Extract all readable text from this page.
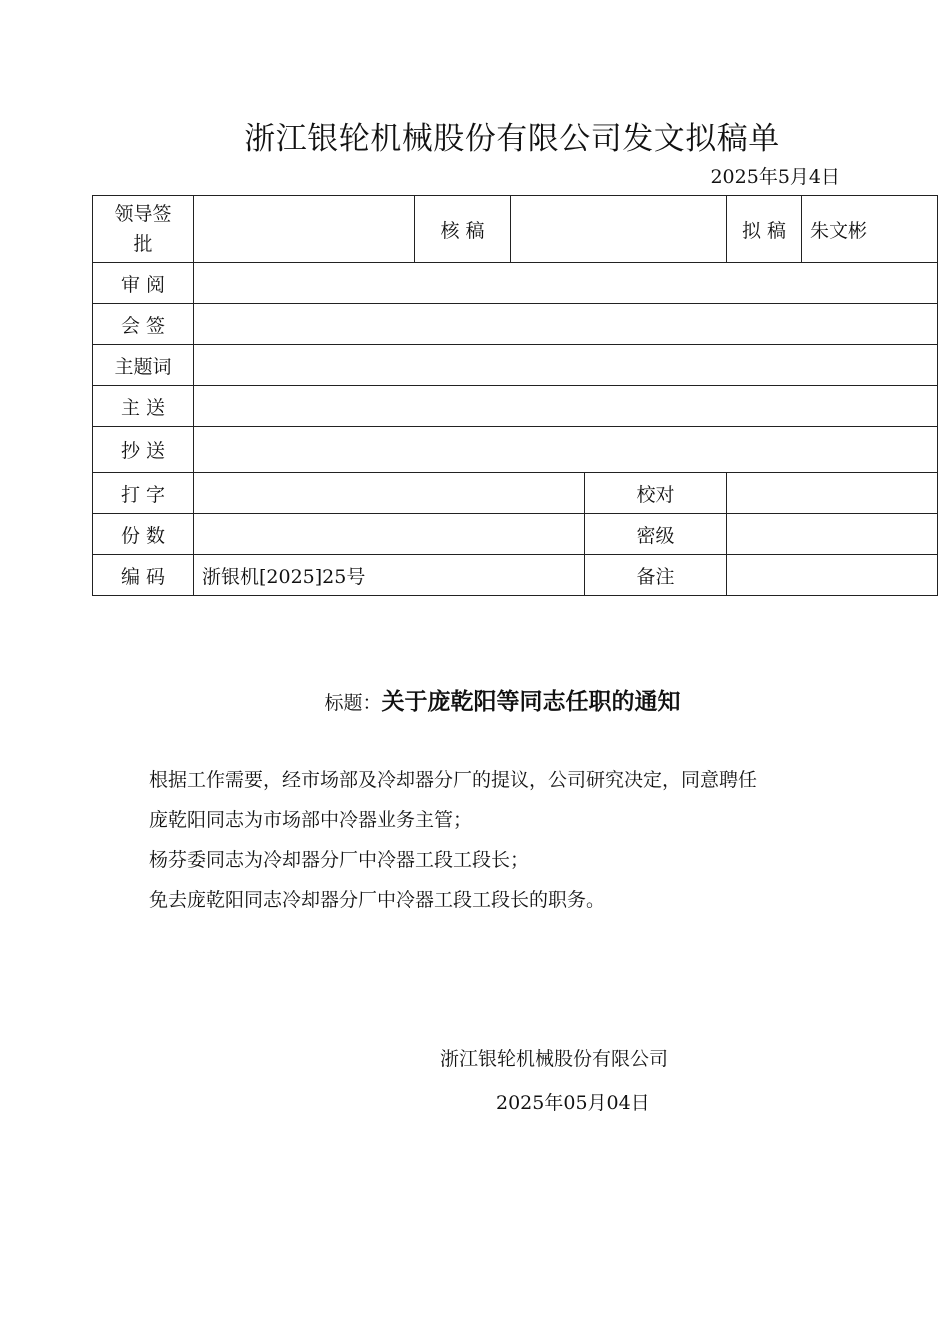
浙江银轮机械股份有限公司发文拟稿单
2025年5月4日
领导签批		核 稿			拟 稿	朱文彬
审 阅						
会 签						
主题词						
主 送						
抄 送						
打 字				校对		
份 数				密级		
编 码	浙银机[2025]25号			备注		
标题：关于庞乾阳等同志任职的通知

根据工作需要，经市场部及冷却器分厂的提议，公司研究决定，同意聘任

庞乾阳同志为市场部中冷器业务主管；

杨芬委同志为冷却器分厂中冷器工段工段长；

免去庞乾阳同志冷却器分厂中冷器工段工段长的职务。

浙江银轮机械股份有限公司
2025年05月04日
